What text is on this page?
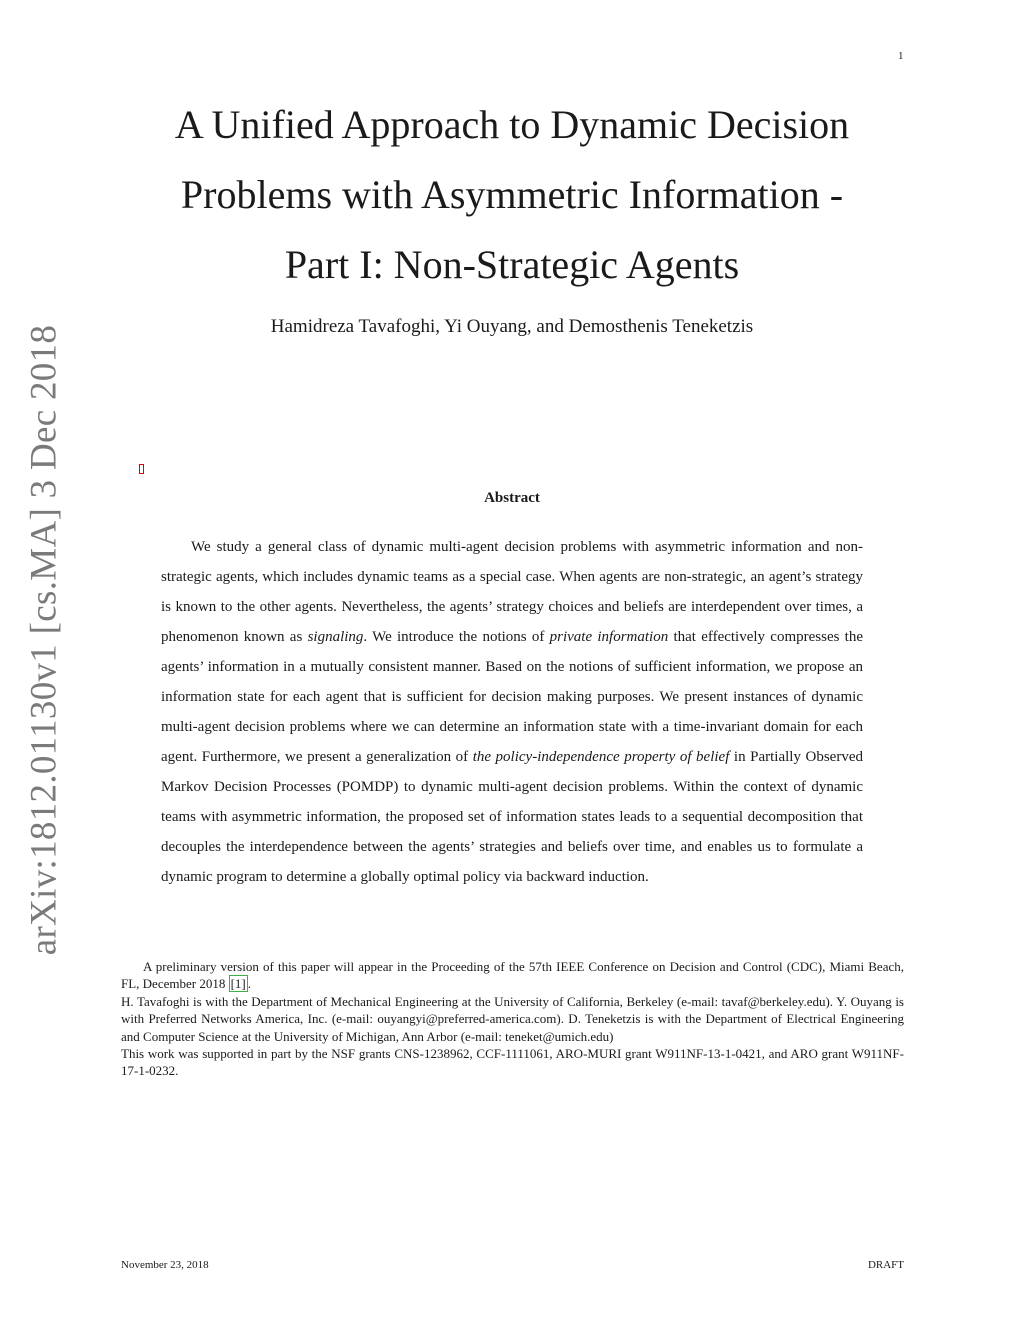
1
arXiv:1812.01130v1 [cs.MA] 3 Dec 2018
A Unified Approach to Dynamic Decision
Problems with Asymmetric Information -
Part I: Non-Strategic Agents
Hamidreza Tavafoghi, Yi Ouyang, and Demosthenis Teneketzis
Abstract

We study a general class of dynamic multi-agent decision problems with asymmetric information and non-strategic agents, which includes dynamic teams as a special case. When agents are non-strategic, an agent’s strategy is known to the other agents. Nevertheless, the agents’ strategy choices and beliefs are interdependent over times, a phenomenon known as signaling. We introduce the notions of private information that effectively compresses the agents’ information in a mutually consistent manner. Based on the notions of sufficient information, we propose an information state for each agent that is sufficient for decision making purposes. We present instances of dynamic multi-agent decision problems where we can determine an information state with a time-invariant domain for each agent. Furthermore, we present a generalization of the policy-independence property of belief in Partially Observed Markov Decision Processes (POMDP) to dynamic multi-agent decision problems. Within the context of dynamic teams with asymmetric information, the proposed set of information states leads to a sequential decomposition that decouples the interdependence between the agents’ strategies and beliefs over time, and enables us to formulate a dynamic program to determine a globally optimal policy via backward induction.

A preliminary version of this paper will appear in the Proceeding of the 57th IEEE Conference on Decision and Control (CDC), Miami Beach, FL, December 2018 [1] .

H. Tavafoghi is with the Department of Mechanical Engineering at the University of California, Berkeley (e-mail: tavaf@berkeley.edu). Y. Ouyang is with Preferred Networks America, Inc. (e-mail: ouyangyi@preferred-america.com). D. Teneketzis is with the Department of Electrical Engineering and Computer Science at the University of Michigan, Ann Arbor (e-mail: teneket@umich.edu)

This work was supported in part by the NSF grants CNS-1238962, CCF-1111061, ARO-MURI grant W911NF-13-1-0421, and ARO grant W911NF-17-1-0232.

November 23, 2018	DRAFT
